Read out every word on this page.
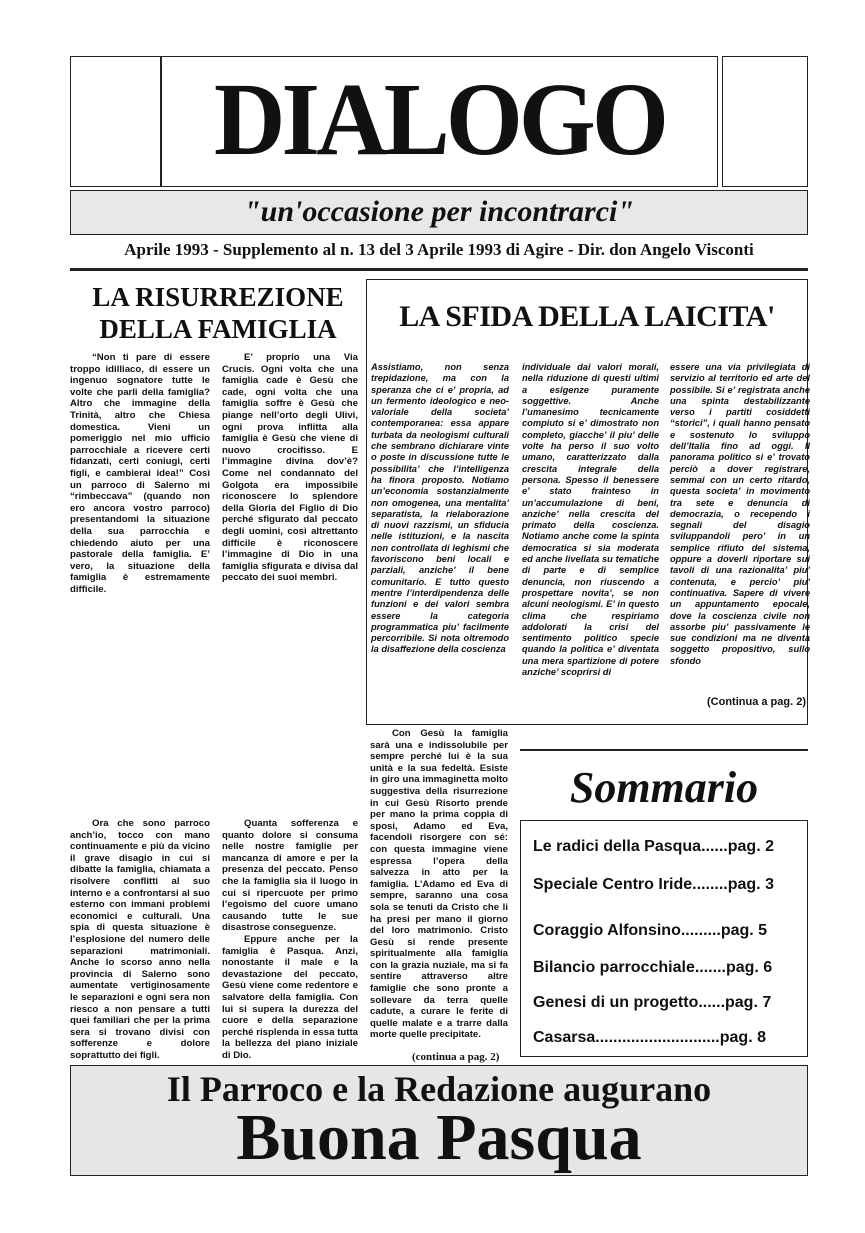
DIALOGO
"un'occasione per incontrarci"
Aprile 1993 - Supplemento al n. 13 del 3 Aprile 1993 di Agire - Dir. don Angelo Visconti
LA RISURREZIONE
DELLA FAMIGLIA

“Non ti pare di essere troppo idilliaco, di essere un ingenuo sognatore tutte le volte che parli della famiglia? Altro che immagine della Trinità, altro che Chiesa domestica. Vieni un pomeriggio nel mio ufficio parrocchiale a ricevere certi fidanzati, certi coniugi, certi figli, e cambierai idea!” Così un parroco di Salerno mi “rimbeccava” (quando non ero ancora vostro parroco) presentandomi la situazione della sua parrocchia e chiedendo aiuto per una pastorale della famiglia. E’ vero, la situazione della famiglia è estremamente difficile.

E’ proprio una Via Crucis. Ogni volta che una famiglia cade è Gesù che cade, ogni volta che una famiglia soffre è Gesù che piange nell’orto degli Ulivi, ogni prova inflitta alla famiglia è Gesù che viene di nuovo crocifisso. E l’immagine divina dov’è? Come nel condannato del Golgota era impossibile riconoscere lo splendore della Gloria del Figlio di Dio perché sfigurato dal peccato degli uomini, così altrettanto difficile è riconoscere l’immagine di Dio in una famiglia sfigurata e divisa dal peccato dei suoi membri.

LA SFIDA DELLA LAICITA'
Assistiamo, non senza trepidazione, ma con la speranza che ci e’ propria, ad un fermento ideologico e neo-valoriale della societa’ contemporanea: essa appare turbata da neologismi culturali che sembrano dichiarare vinte o poste in discussione tutte le possibilita’ che l’intelligenza ha finora proposto. Notiamo un’economia sostanzialmente non omogenea, una mentalita’ separatista, la rielaborazione di nuovi razzismi, un sfiducia nelle istituzioni, e la nascita non controllata di leghismi che favoriscono beni locali e parziali, anziche’ il bene comunitario. E tutto questo mentre l’interdipendenza delle funzioni e dei valori sembra essere la categoria programmatica piu’ facilmente percorribile. Si nota oltremodo la disaffezione della coscienza
individuale dai valori morali, nella riduzione di questi ultimi a esigenze puramente soggettive. Anche l’umanesimo tecnicamente compiuto si e’ dimostrato non completo, giacche’ il piu’ delle volte ha perso il suo volto umano, caratterizzato dalla crescita integrale della persona. Spesso il benessere e’ stato frainteso in un’accumulazione di beni, anziche’ nella crescita del primato della coscienza. Notiamo anche come la spinta democratica si sia moderata ed anche livellata su tematiche di parte e di semplice denuncia, non riuscendo a prospettare novita’, se non alcuni neologismi. E’ in questo clima che respiriamo addolorati la crisi del sentimento politico specie quando la politica e’ diventata una mera spartizione di potere anziche’ scoprirsi di
essere una via privilegiata di servizio al territorio ed arte del possibile. Si e’ registrata anche una spinta destabilizzante verso i partiti cosiddetti “storici”, i quali hanno pensato e sostenuto lo sviluppo dell’Italia fino ad oggi. Il panorama politico si e’ trovato perciò a dover registrare, semmai con un certo ritardo, questa societa’ in movimento tra sete e denuncia di democrazia, o recependo i segnali del disagio sviluppandoli pero’ in un semplice rifiuto del sistema, oppure a doverli riportare sui tavoli di una razionalita’ piu’ contenuta, e percio’ piu’ continuativa. Sapere di vivere un appuntamento epocale, dove la coscienza civile non assorbe piu’ passivamente le sue condizioni ma ne diventa soggetto propositivo, sullo sfondo
(Continua a pag. 2)

Ora che sono parroco anch’io, tocco con mano continuamente e più da vicino il grave disagio in cui si dibatte la famiglia, chiamata a risolvere conflitti al suo interno e a confrontarsi al suo esterno con immani problemi economici e culturali. Una spia di questa situazione è l’esplosione del numero delle separazioni matrimoniali. Anche lo scorso anno nella provincia di Salerno sono aumentate vertiginosamente le separazioni e ogni sera non riesco a non pensare a tutti quei familiari che per la prima sera si trovano divisi con sofferenze e dolore soprattutto dei figli.

Quanta sofferenza e quanto dolore si consuma nelle nostre famiglie per mancanza di amore e per la presenza del peccato. Penso che la famiglia sia il luogo in cui si ripercuote per primo l’egoismo del cuore umano causando tutte le sue disastrose conseguenze.

Eppure anche per la famiglia è Pasqua. Anzi, nonostante il male e la devastazione del peccato, Gesù viene come redentore e salvatore della famiglia. Con lui si supera la durezza del cuore e della separazione perché risplenda in essa tutta la bellezza del piano iniziale di Dio.

Con Gesù la famiglia sarà una e indissolubile per sempre perché lui è la sua unità e la sua fedeltà. Esiste in giro una immaginetta molto suggestiva della risurrezione in cui Gesù Risorto prende per mano la prima coppia di sposi, Adamo ed Eva, facendoli risorgere con sé: con questa immagine viene espressa l’opera della salvezza in atto per la famiglia. L’Adamo ed Eva di sempre, saranno una cosa sola se tenuti da Cristo che li ha presi per mano il giorno del loro matrimonio. Cristo Gesù si rende presente spiritualmente alla famiglia con la grazia nuziale, ma si fa sentire attraverso altre famiglie che sono pronte a sollevare da terra quelle cadute, a curare le ferite di quelle malate e a trarre dalla morte quelle precipitate.

(continua a pag. 2)
Sommario
Le radici della Pasqua......pag. 2
Speciale Centro Iride........pag. 3
Coraggio Alfonsino.........pag. 5
Bilancio parrocchiale.......pag. 6
Genesi di un progetto......pag. 7
Casarsa............................pag. 8
Il Parroco e la Redazione augurano
Buona Pasqua
